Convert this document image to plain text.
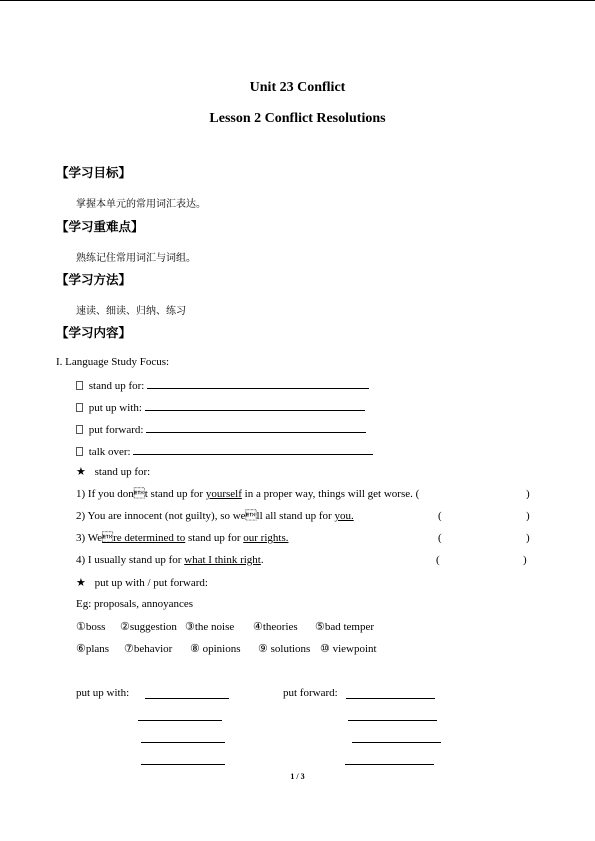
Unit 23 Conflict
Lesson 2 Conflict Resolutions
【学习目标】
掌握本单元的常用词汇表达。
【学习重难点】
熟练记住常用词汇与词组。
【学习方法】
速读、细读、归纳、练习
【学习内容】
I. Language Study Focus:
stand up for:
put up with:
put forward:
talk over:
★ stand up for:
1) If you dont stand up for yourself in a proper way, things will get worse. (	)
2) You are innocent (not guilty), so well all stand up for you.	(	)
3) Were determined to stand up for our rights.	(	)
4) I usually stand up for what I think right.	(	)
★ put up with / put forward:
Eg: proposals, annoyances
①boss ②suggestion ③the noise ④theories ⑤bad temper
⑥plans ⑦behavior ⑧ opinions ⑨ solutions ⑩ viewpoint
put up with:	put forward:
1 / 3
